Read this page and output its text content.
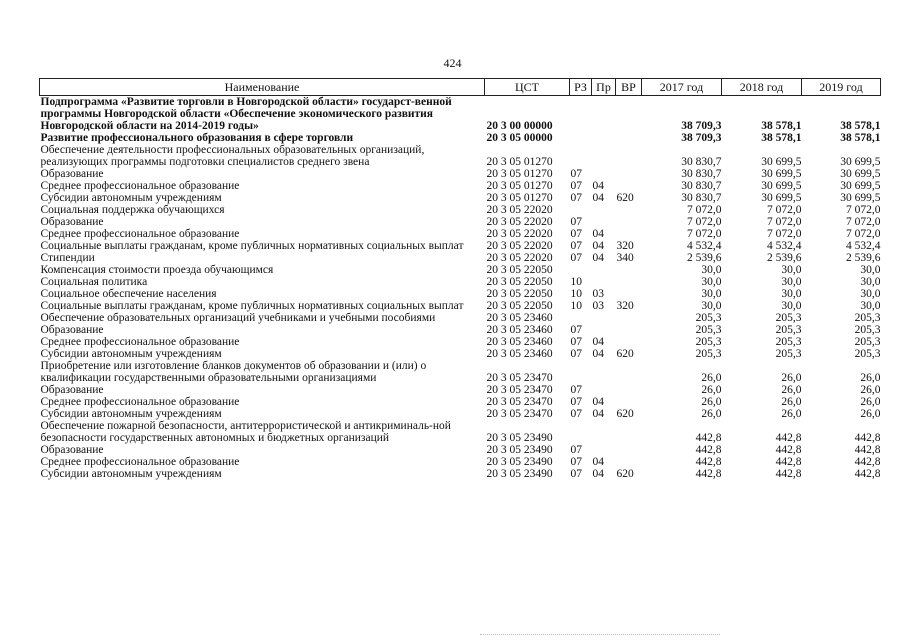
424
Наименование	ЦСТ	РЗ	Пр	ВР	2017 год	2018 год	2019 год
Подпрограмма «Развитие торговли в Новгородской области» государст-венной программы Новгородской области «Обеспечение экономического развития Новгородской области на 2014-2019 годы»	20 3 00 00000				38 709,3	38 578,1	38 578,1
Развитие профессионального образования в сфере торговли	20 3 05 00000				38 709,3	38 578,1	38 578,1
Обеспечение деятельности профессиональных образовательных организаций, реализующих программы подготовки специалистов среднего звена	20 3 05 01270				30 830,7	30 699,5	30 699,5
Образование	20 3 05 01270	07			30 830,7	30 699,5	30 699,5
Среднее профессиональное образование	20 3 05 01270	07	04		30 830,7	30 699,5	30 699,5
Субсидии автономным учреждениям	20 3 05 01270	07	04	620	30 830,7	30 699,5	30 699,5
Социальная поддержка обучающихся	20 3 05 22020				7 072,0	7 072,0	7 072,0
Образование	20 3 05 22020	07			7 072,0	7 072,0	7 072,0
Среднее профессиональное образование	20 3 05 22020	07	04		7 072,0	7 072,0	7 072,0
Социальные выплаты гражданам, кроме публичных нормативных социальных выплат	20 3 05 22020	07	04	320	4 532,4	4 532,4	4 532,4
Стипендии	20 3 05 22020	07	04	340	2 539,6	2 539,6	2 539,6
Компенсация стоимости проезда обучающимся	20 3 05 22050				30,0	30,0	30,0
Социальная политика	20 3 05 22050	10			30,0	30,0	30,0
Социальное обеспечение населения	20 3 05 22050	10	03		30,0	30,0	30,0
Социальные выплаты гражданам, кроме публичных нормативных социальных выплат	20 3 05 22050	10	03	320	30,0	30,0	30,0
Обеспечение образовательных организаций учебниками и учебными пособиями	20 3 05 23460				205,3	205,3	205,3
Образование	20 3 05 23460	07			205,3	205,3	205,3
Среднее профессиональное образование	20 3 05 23460	07	04		205,3	205,3	205,3
Субсидии автономным учреждениям	20 3 05 23460	07	04	620	205,3	205,3	205,3
Приобретение или изготовление бланков документов об образовании и (или) о квалификации государственными образовательными организациями	20 3 05 23470				26,0	26,0	26,0
Образование	20 3 05 23470	07			26,0	26,0	26,0
Среднее профессиональное образование	20 3 05 23470	07	04		26,0	26,0	26,0
Субсидии автономным учреждениям	20 3 05 23470	07	04	620	26,0	26,0	26,0
Обеспечение пожарной безопасности, антитеррористической и антикриминаль-ной безопасности государственных автономных и бюджетных организаций	20 3 05 23490				442,8	442,8	442,8
Образование	20 3 05 23490	07			442,8	442,8	442,8
Среднее профессиональное образование	20 3 05 23490	07	04		442,8	442,8	442,8
Субсидии автономным учреждениям	20 3 05 23490	07	04	620	442,8	442,8	442,8
